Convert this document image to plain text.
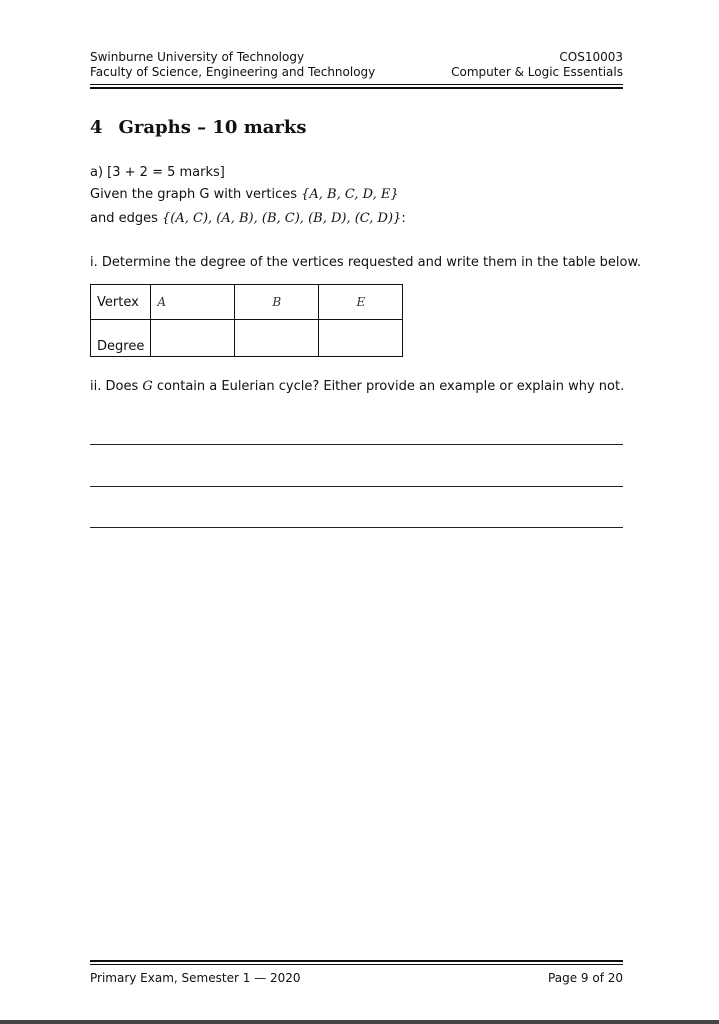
Swinburne University of Technology
Faculty of Science, Engineering and Technology
COS10003
Computer & Logic Essentials
4 Graphs – 10 marks
a) [3 + 2 = 5 marks]
Given the graph G with vertices {A, B, C, D, E}
and edges {(A, C), (A, B), (B, C), (B, D), (C, D)}:
i. Determine the degree of the vertices requested and write them in the table below.
Vertex	A	B	E
Degree			
ii. Does G contain a Eulerian cycle? Either provide an example or explain why not.
Primary Exam, Semester 1 — 2020	Page 9 of 20
